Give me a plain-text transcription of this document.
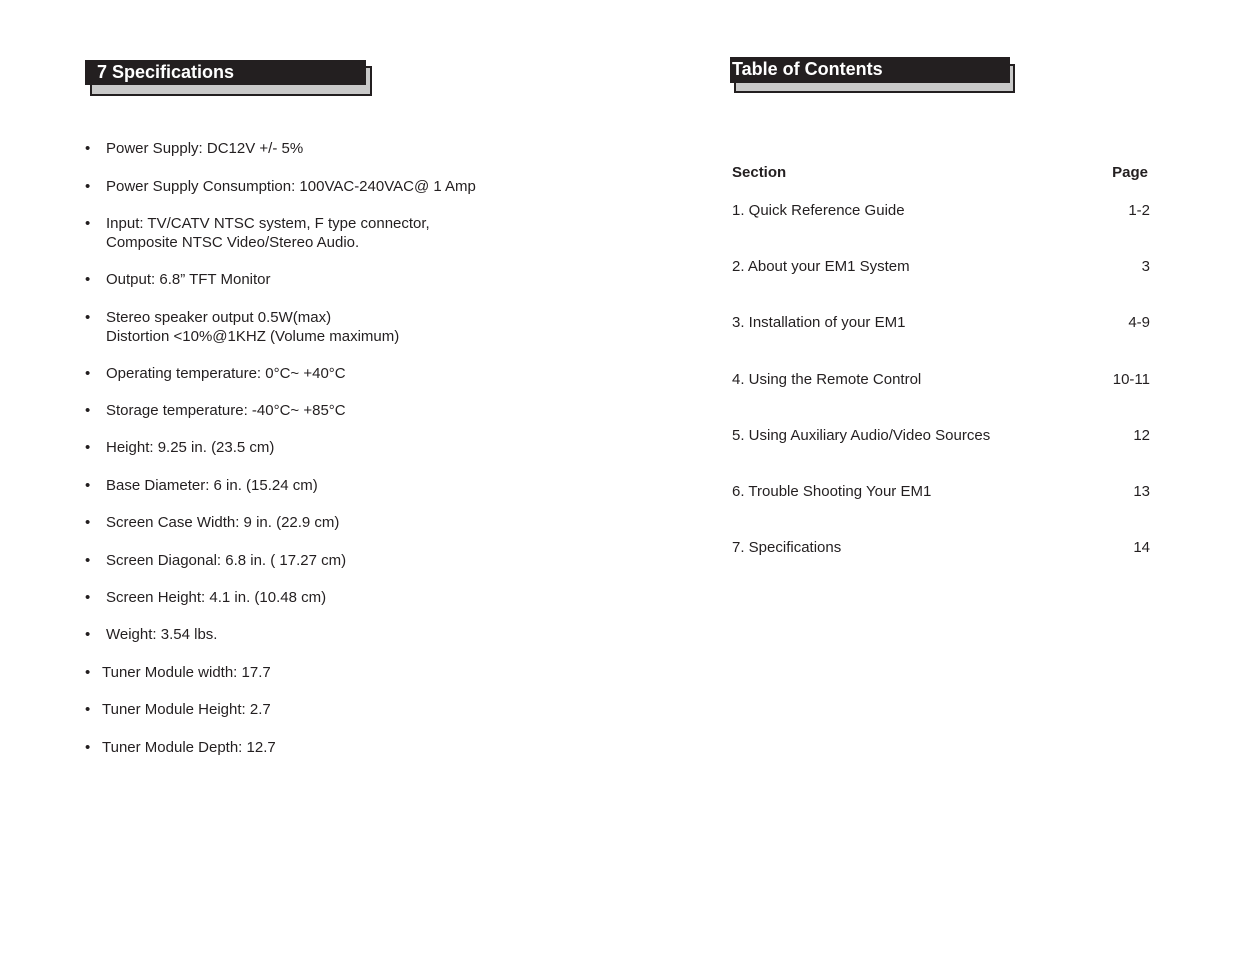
7 Specifications
• Power Supply: DC12V +/- 5%
• Power Supply Consumption: 100VAC-240VAC@ 1 Amp
• Input: TV/CATV NTSC system, F type connector,
Composite NTSC Video/Stereo Audio.
• Output: 6.8” TFT Monitor
• Stereo speaker output 0.5W(max)
Distortion <10%@1KHZ (Volume maximum)
• Operating temperature: 0°C~ +40°C
• Storage temperature: -40°C~ +85°C
• Height: 9.25 in. (23.5 cm)
• Base Diameter: 6 in. (15.24 cm)
• Screen Case Width: 9 in. (22.9 cm)
• Screen Diagonal: 6.8 in. ( 17.27 cm)
• Screen Height: 4.1 in. (10.48 cm)
• Weight: 3.54 lbs.
• Tuner Module width: 17.7
• Tuner Module Height: 2.7
• Tuner Module Depth: 12.7
Table of Contents
Section	Page
1. Quick Reference Guide	1-2
2. About your EM1 System	3
3. Installation of your EM1	4-9
4. Using the Remote Control	10-11
5. Using Auxiliary Audio/Video Sources	12
6. Trouble Shooting Your EM1	13
7. Specifications	14
